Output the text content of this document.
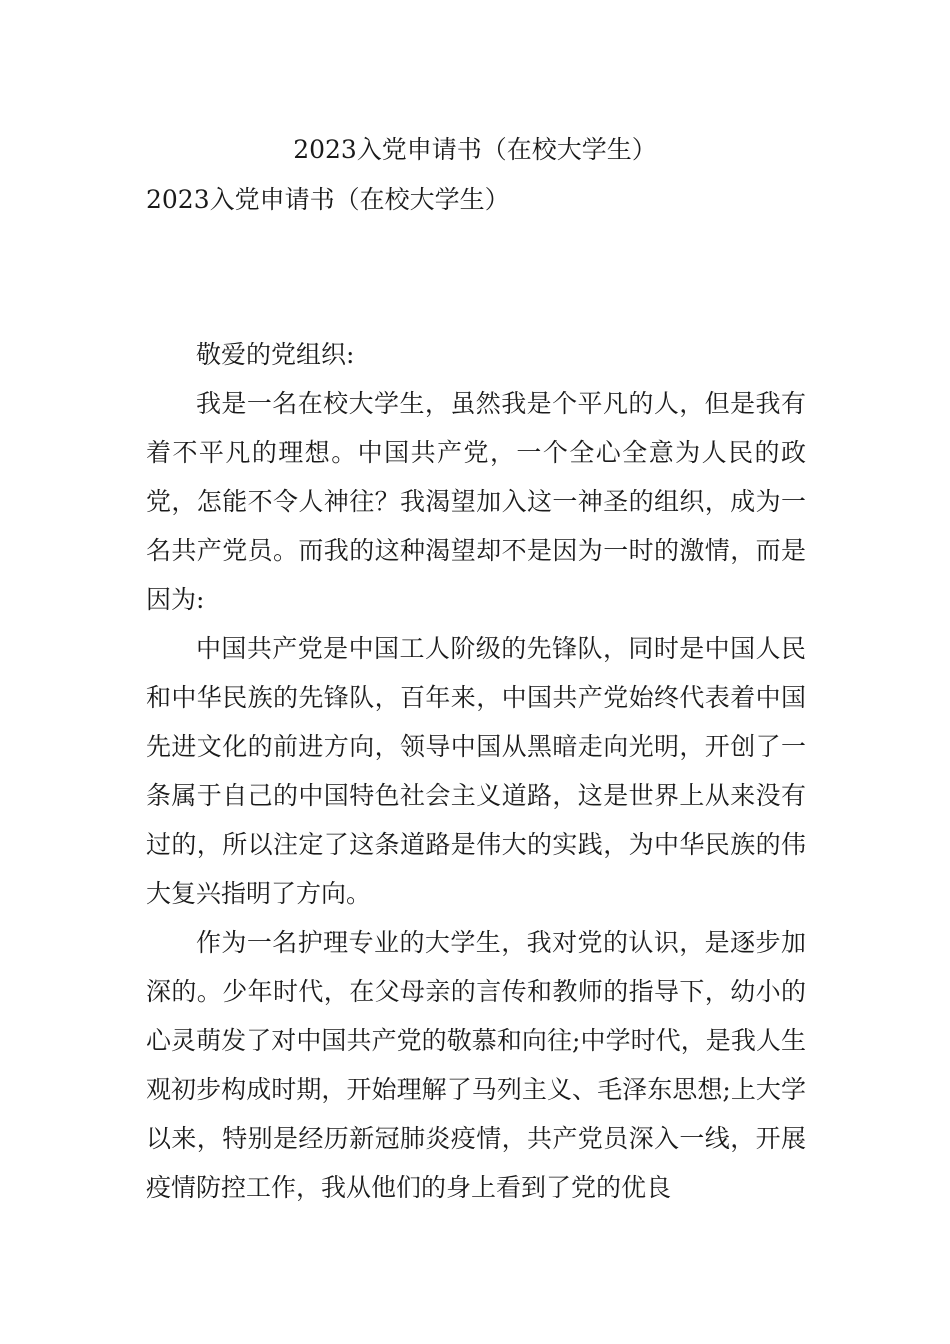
2023入党申请书（在校大学生）
2023入党申请书（在校大学生）

敬爱的党组织:

我是一名在校大学生，虽然我是个平凡的人，但是我有着不平凡的理想。中国共产党，一个全心全意为人民的政党，怎能不令人神往？我渴望加入这一神圣的组织，成为一名共产党员。而我的这种渴望却不是因为一时的激情，而是因为:

中国共产党是中国工人阶级的先锋队，同时是中国人民和中华民族的先锋队，百年来，中国共产党始终代表着中国先进文化的前进方向，领导中国从黑暗走向光明，开创了一条属于自己的中国特色社会主义道路，这是世界上从来没有过的，所以注定了这条道路是伟大的实践，为中华民族的伟大复兴指明了方向。

作为一名护理专业的大学生，我对党的认识，是逐步加深的。少年时代，在父母亲的言传和教师的指导下，幼小的心灵萌发了对中国共产党的敬慕和向往;中学时代，是我人生观初步构成时期，开始理解了马列主义、毛泽东思想;上大学以来，特别是经历新冠肺炎疫情，共产党员深入一线，开展疫情防控工作，我从他们的身上看到了党的优良
